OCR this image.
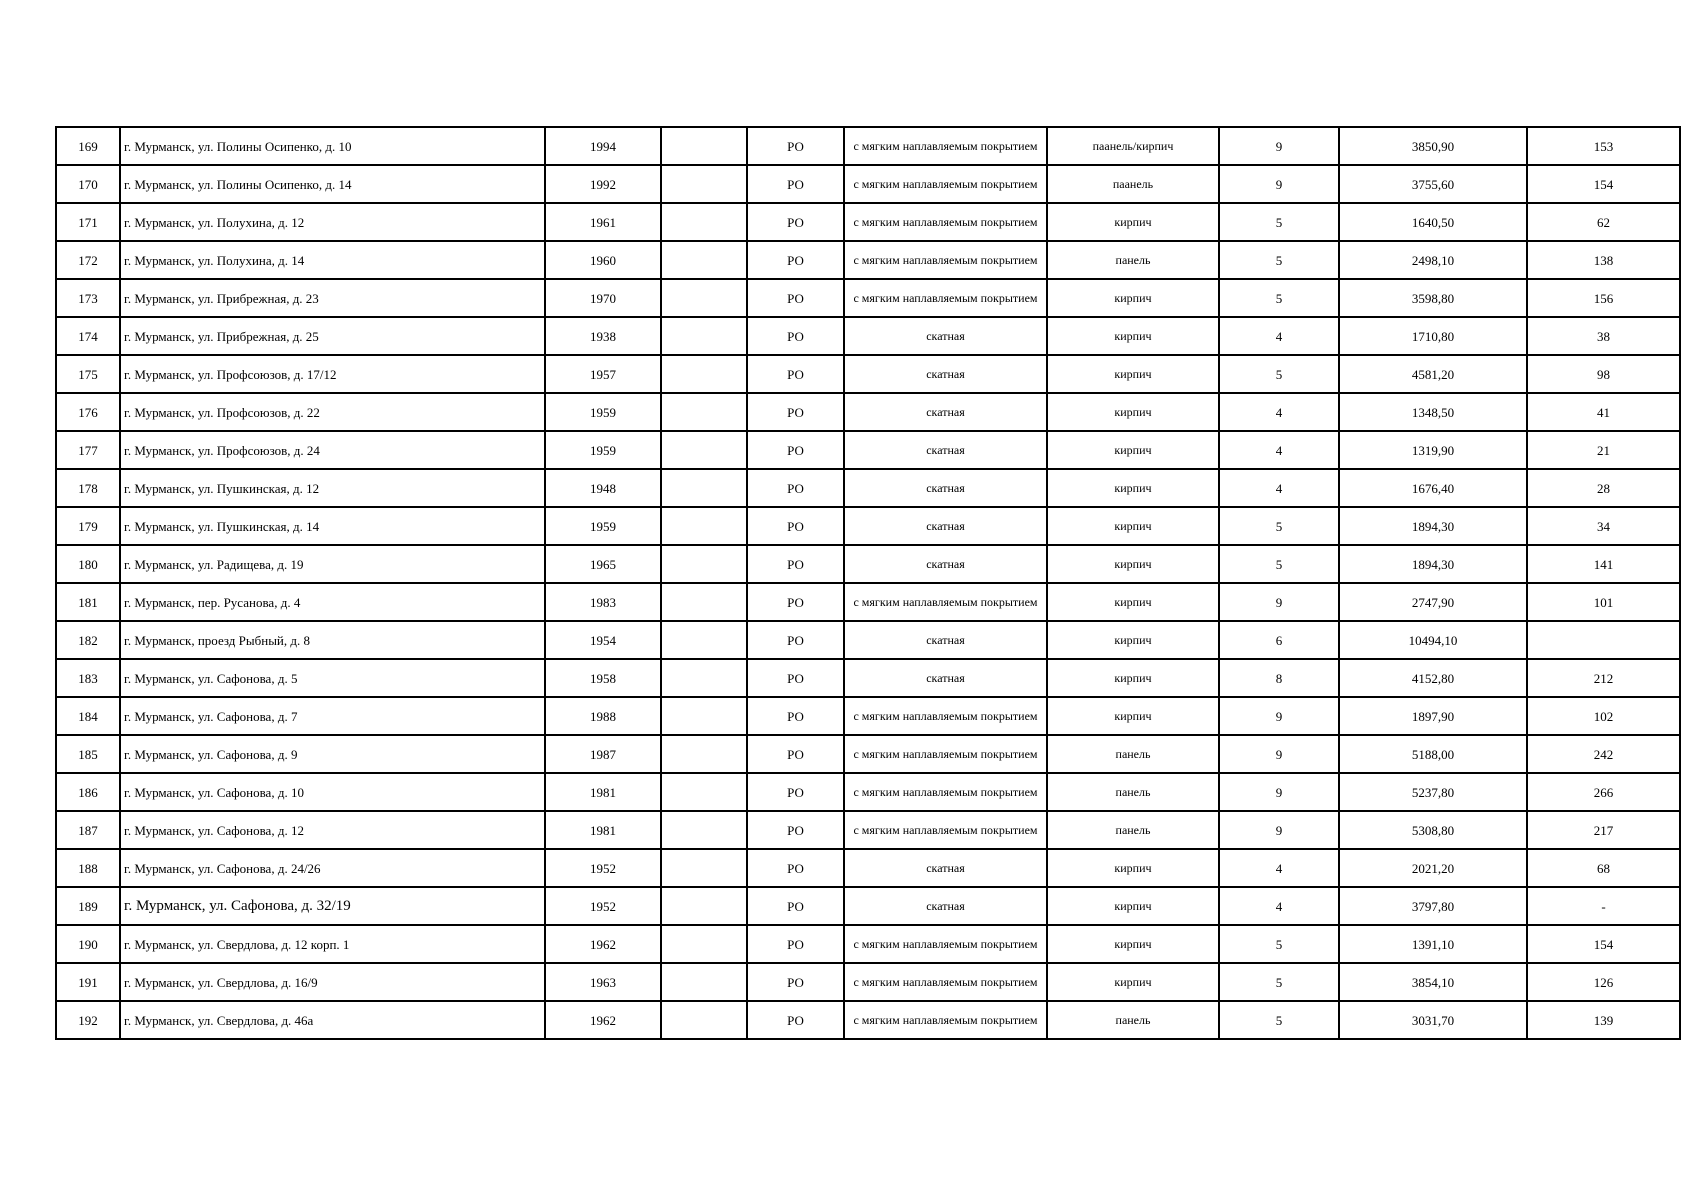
169	г. Мурманск, ул. Полины Осипенко, д. 10	1994		РО	с мягким наплавляемым покрытием	паанель/кирпич	9	3850,90	153
170	г. Мурманск, ул. Полины Осипенко, д. 14	1992		РО	с мягким наплавляемым покрытием	паанель	9	3755,60	154
171	г. Мурманск, ул. Полухина, д. 12	1961		РО	с мягким наплавляемым покрытием	кирпич	5	1640,50	62
172	г. Мурманск, ул. Полухина, д. 14	1960		РО	с мягким наплавляемым покрытием	панель	5	2498,10	138
173	г. Мурманск, ул. Прибрежная, д. 23	1970		РО	с мягким наплавляемым покрытием	кирпич	5	3598,80	156
174	г. Мурманск, ул. Прибрежная, д. 25	1938		РО	скатная	кирпич	4	1710,80	38
175	г. Мурманск, ул. Профсоюзов, д. 17/12	1957		РО	скатная	кирпич	5	4581,20	98
176	г. Мурманск, ул. Профсоюзов, д. 22	1959		РО	скатная	кирпич	4	1348,50	41
177	г. Мурманск, ул. Профсоюзов, д. 24	1959		РО	скатная	кирпич	4	1319,90	21
178	г. Мурманск, ул. Пушкинская, д. 12	1948		РО	скатная	кирпич	4	1676,40	28
179	г. Мурманск, ул. Пушкинская, д. 14	1959		РО	скатная	кирпич	5	1894,30	34
180	г. Мурманск, ул. Радищева, д. 19	1965		РО	скатная	кирпич	5	1894,30	141
181	г. Мурманск, пер. Русанова, д. 4	1983		РО	с мягким наплавляемым покрытием	кирпич	9	2747,90	101
182	г. Мурманск, проезд Рыбный, д. 8	1954		РО	скатная	кирпич	6	10494,10	
183	г. Мурманск, ул. Сафонова, д. 5	1958		РО	скатная	кирпич	8	4152,80	212
184	г. Мурманск, ул. Сафонова, д. 7	1988		РО	с мягким наплавляемым покрытием	кирпич	9	1897,90	102
185	г. Мурманск, ул. Сафонова, д. 9	1987		РО	с мягким наплавляемым покрытием	панель	9	5188,00	242
186	г. Мурманск, ул. Сафонова, д. 10	1981		РО	с мягким наплавляемым покрытием	панель	9	5237,80	266
187	г. Мурманск, ул. Сафонова, д. 12	1981		РО	с мягким наплавляемым покрытием	панель	9	5308,80	217
188	г. Мурманск, ул. Сафонова, д. 24/26	1952		РО	скатная	кирпич	4	2021,20	68
189	г. Мурманск, ул. Сафонова, д. 32/19	1952		РО	скатная	кирпич	4	3797,80	-
190	г. Мурманск, ул. Свердлова, д. 12 корп. 1	1962		РО	с мягким наплавляемым покрытием	кирпич	5	1391,10	154
191	г. Мурманск, ул. Свердлова, д. 16/9	1963		РО	с мягким наплавляемым покрытием	кирпич	5	3854,10	126
192	г. Мурманск, ул. Свердлова, д. 46а	1962		РО	с мягким наплавляемым покрытием	панель	5	3031,70	139
